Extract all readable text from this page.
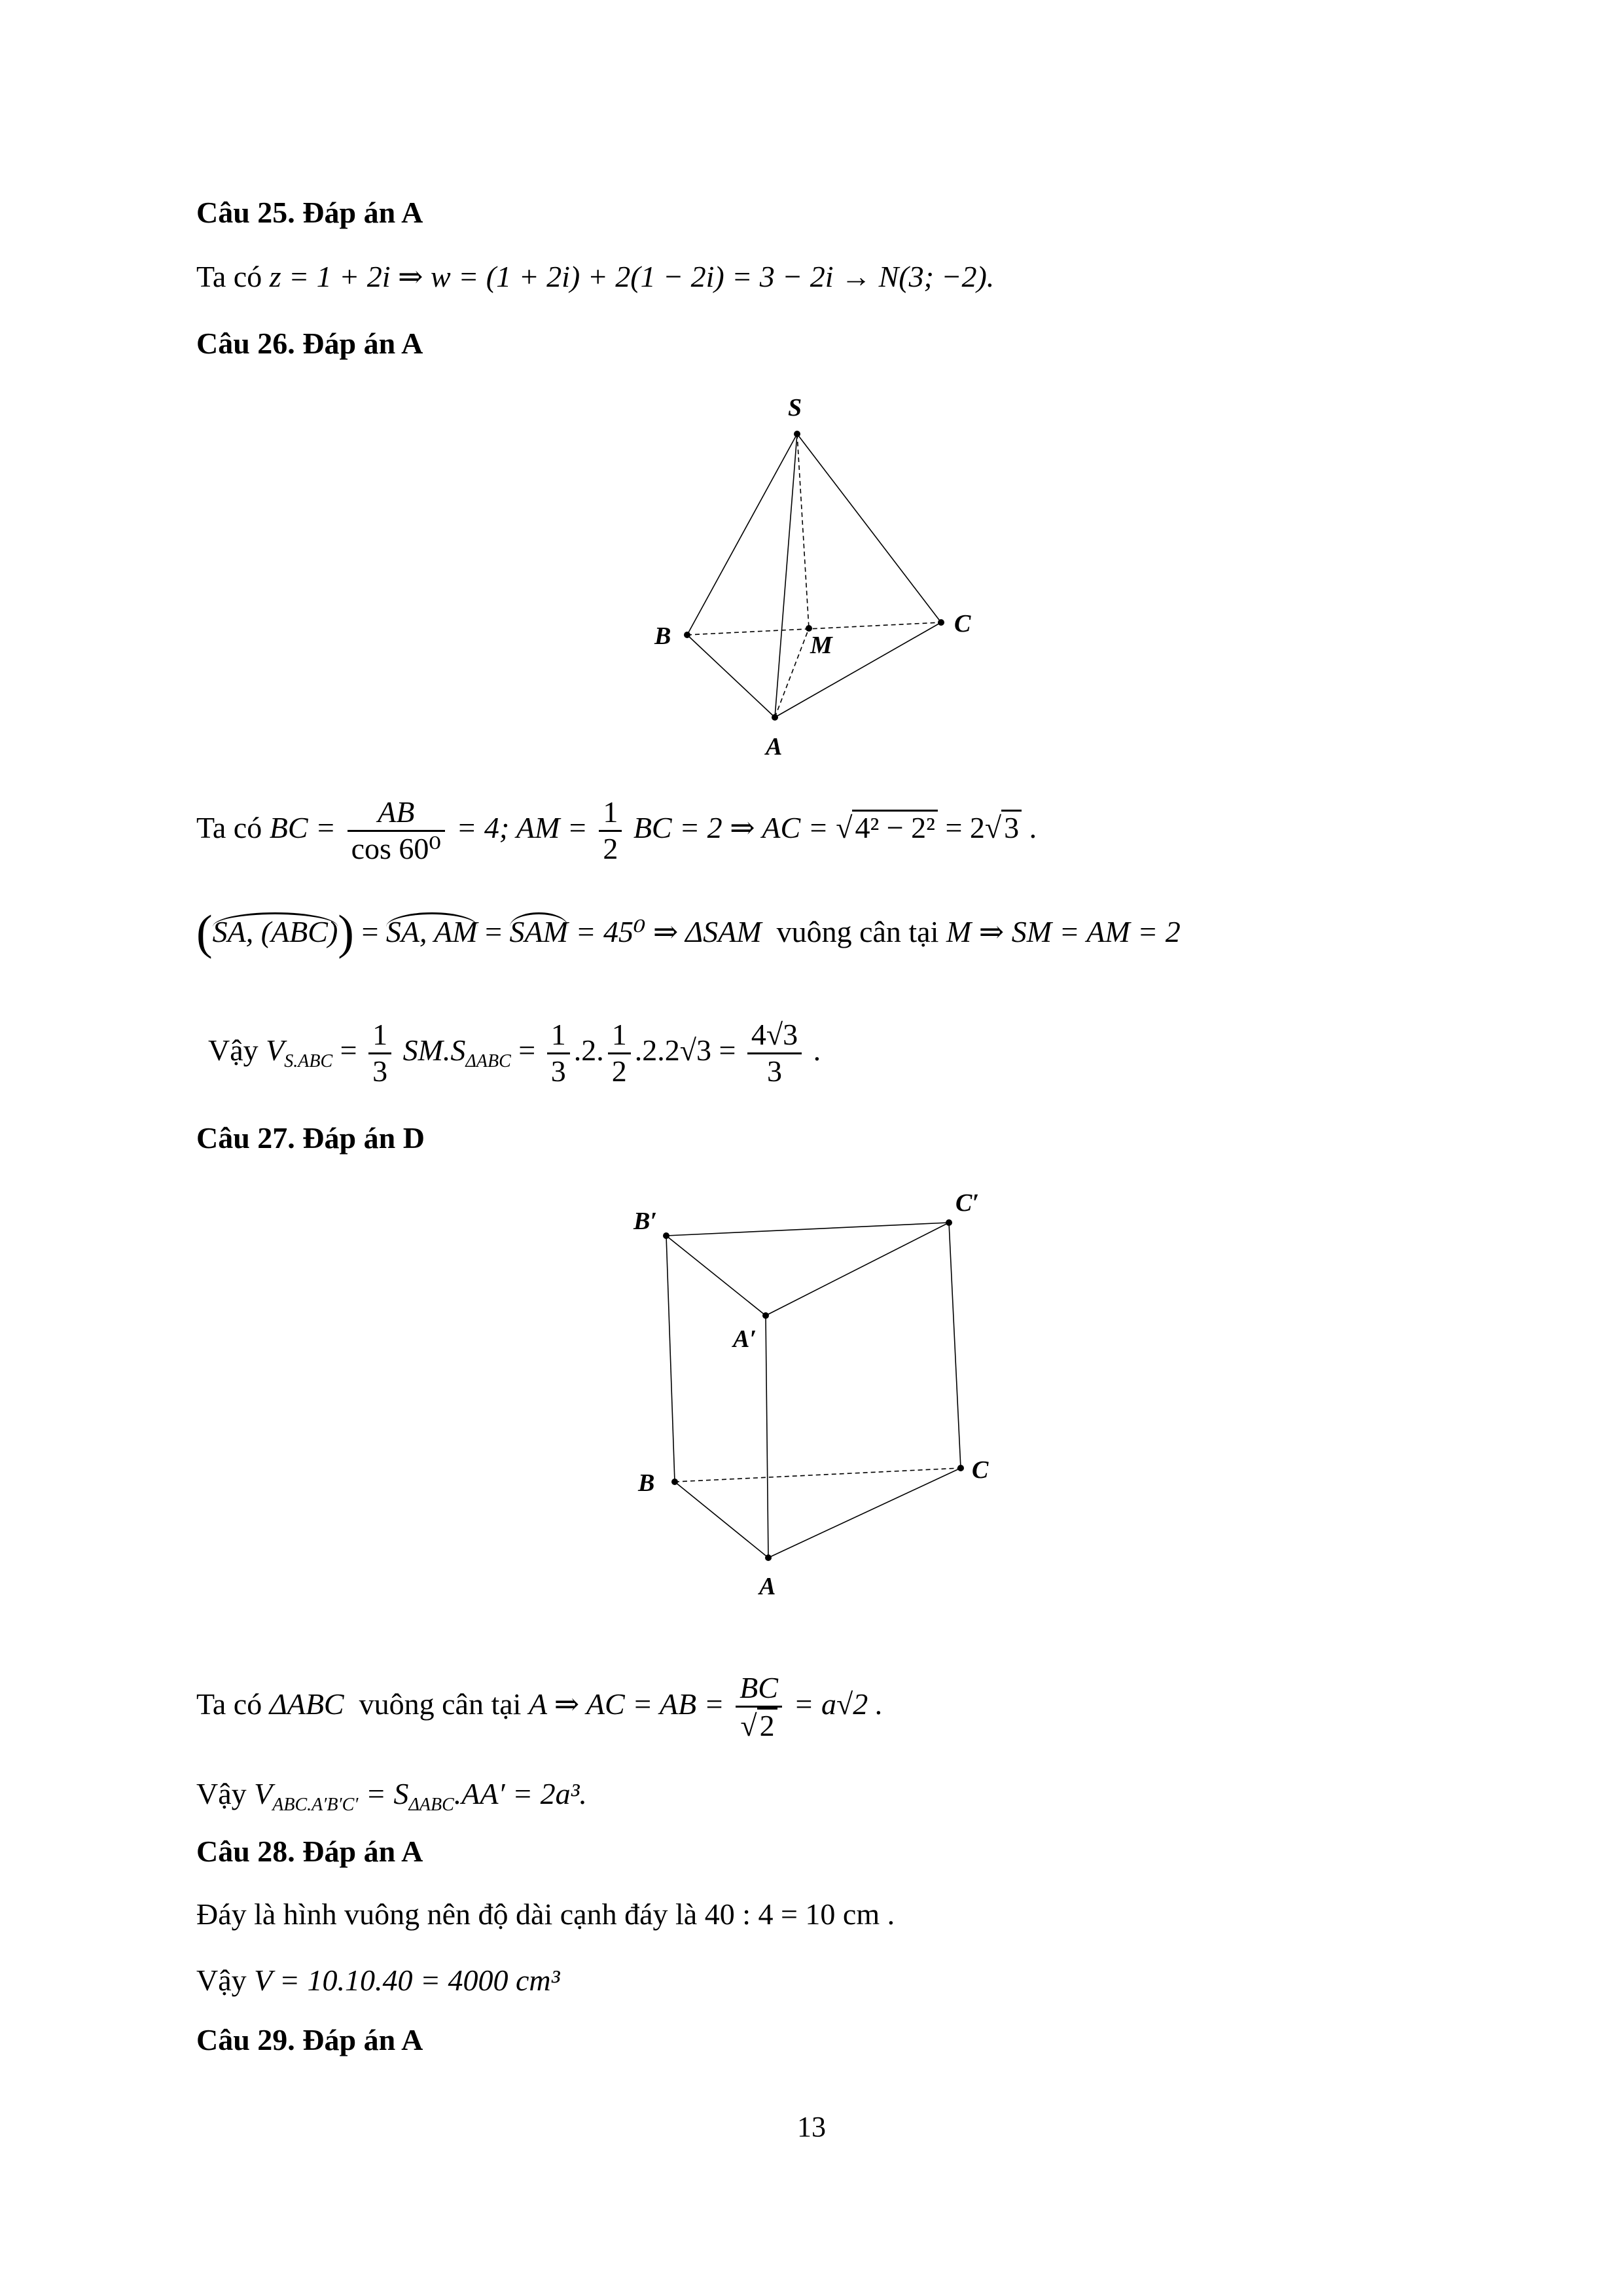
Câu 25. Đáp án A
Ta có z = 1 + 2i ⇒ w = (1 + 2i) + 2(1 − 2i) = 3 − 2i → N(3; −2).
Câu 26. Đáp án A
S
B	M
C
A
Ta có BC = $\frac{AB}{\text{cos 60⁰}} = 4$; AM = $\frac{1}{2}$ BC = 2 ⇒ AC = √4² − 2² = 2√3 .
(SA, (ABC)) = SA, AM = SAM = 45⁰ ⇒ ΔSAM vuông cân tại M ⇒ SM = AM = 2
Vậy $V_{S.ABC} = \frac{1}{3} SM.S_{\Delta ABC} = \frac{1}{3} .2$. $\frac{1}{2} .2.2√3 = \frac{4√3}{3}$ .
Câu 27. Đáp án D
B′
C′
A′
B	C
A
Ta có ΔABC vuông cân tại A ⇒ AC = AB = $\frac{BC}{√2} = a√2$ .
Vậy $V_{ABC.A'B'C'} = S_{\Delta ABC}.AA' = 2a^3$.
Câu 28. Đáp án A
Đáy là hình vuông nên độ dài cạnh đáy là 40 : 4 = 10 cm .
Vậy V = 10.10.40 = 4000 cm³
Câu 29. Đáp án A
13
